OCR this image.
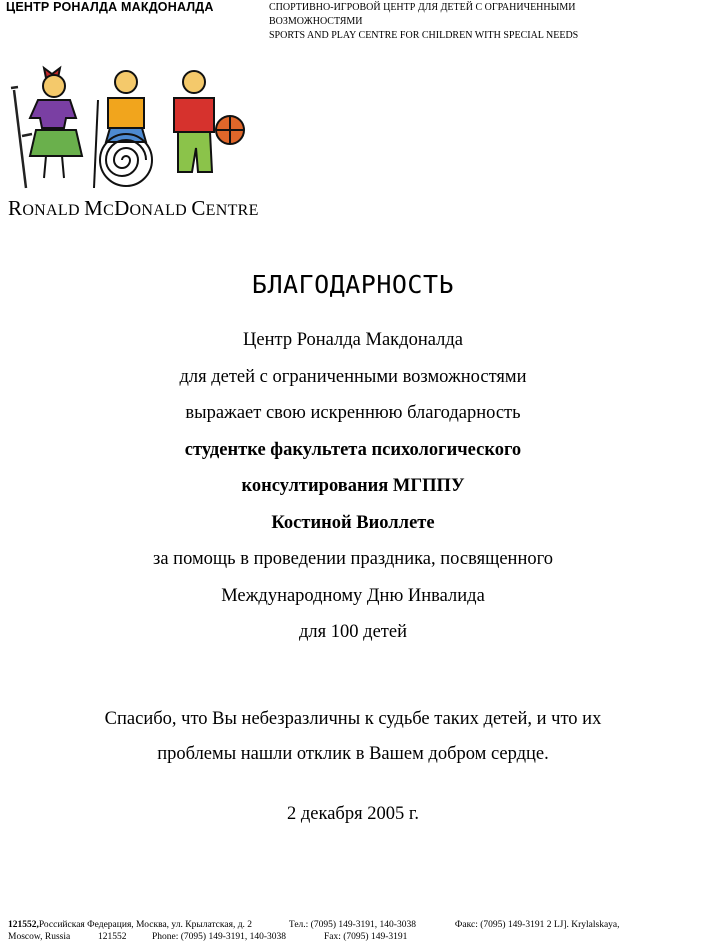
ЦЕНТР РОНАЛДА МАКДОНАЛДА	СПОРТИВНО-ИГРОВОЙ ЦЕНТР ДЛЯ ДЕТЕЙ С ОГРАНИЧЕННЫМИ
ВОЗМОЖНОСТЯМИ
SPORTS AND PLAY CENTRE FOR CHILDREN WITH SPECIAL NEEDS
RONALD MCDONALD CENTRE
БЛАГОДАРНОСТЬ
Центр Роналда Макдоналда
для детей с ограниченными возможностями
выражает свою искреннюю благодарность
студентке факультета психологического
консултирования МГППУ
Костиной Виоллете
за помощь в проведении праздника, посвященного
Международному Дню Инвалида
для 100 детей
Спасибо, что Вы небезразличны к судьбе таких детей, и что их
проблемы нашли отклик в Вашем добром сердце.
2 декабря 2005 г.
121552,Российская Федерация, Москва, ул. Крылатская, д. 2	Тел.: (7095) 149-3191, 140-3038	Факс: (7095) 149-3191 2 LJ]. Krylalskaya,
Moscow, Russia	121552	Phone: (7095) 149-3191, 140-3038	Fax: (7095) 149-3191
